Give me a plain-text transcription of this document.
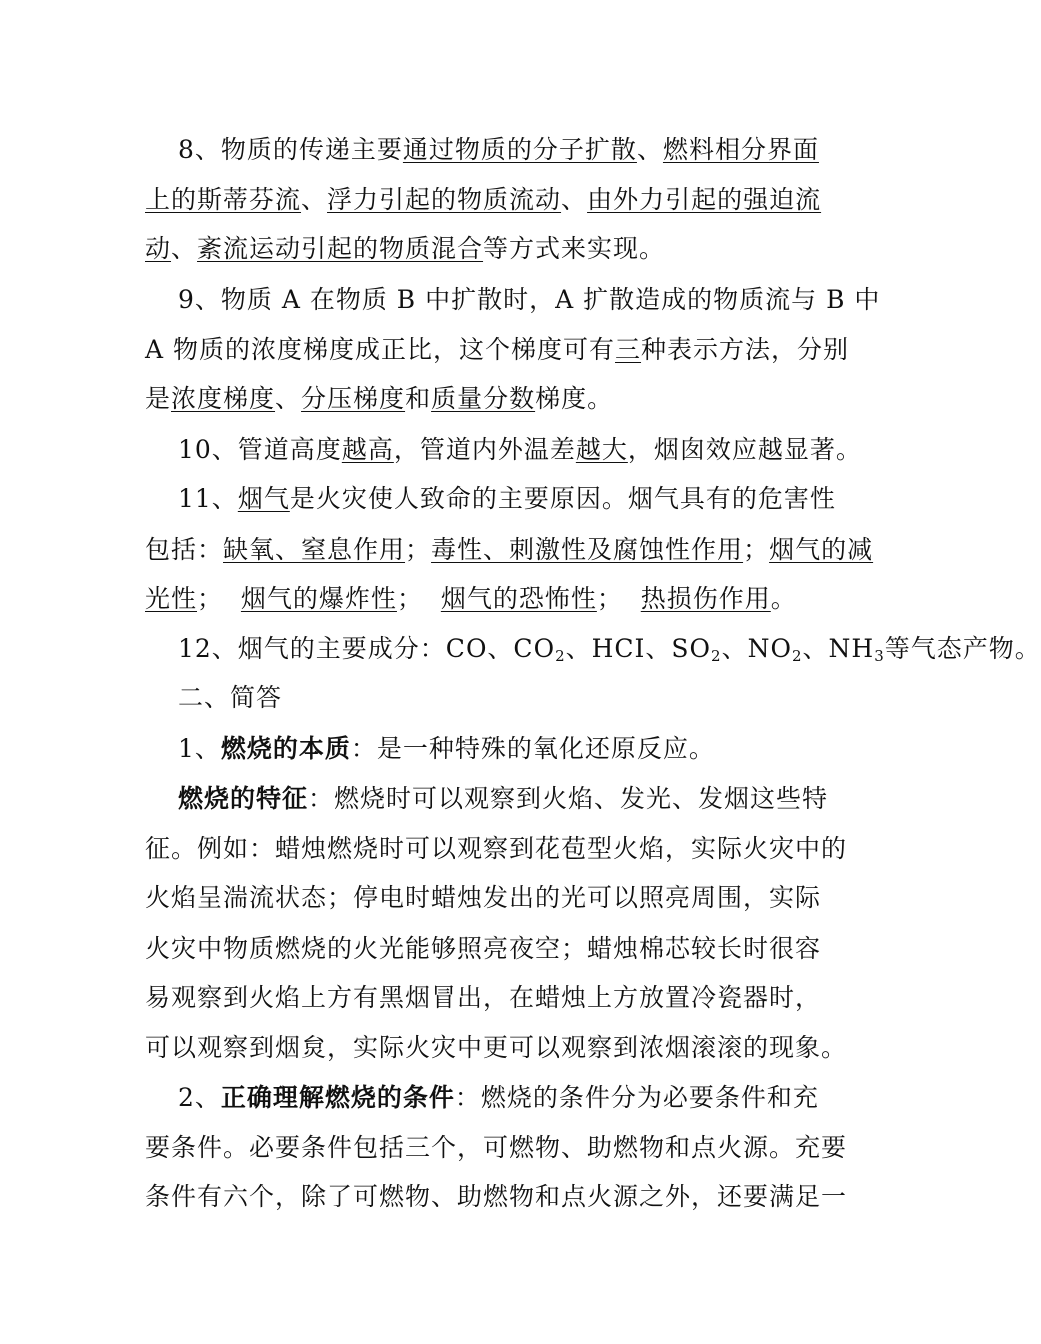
8、物质的传递主要通过物质的分子扩散、燃料相分界面
上的斯蒂芬流、浮力引起的物质流动、由外力引起的强迫流
动、紊流运动引起的物质混合等方式来实现。
9、物质 A 在物质 B 中扩散时，A 扩散造成的物质流与 B 中
A 物质的浓度梯度成正比，这个梯度可有三种表示方法，分别
是浓度梯度、分压梯度和质量分数梯度。
10、管道高度越高，管道内外温差越大，烟囱效应越显著。
11、烟气是火灾使人致命的主要原因。烟气具有的危害性
包括：缺氧、窒息作用；毒性、刺激性及腐蚀性作用；烟气的减
光性；  烟气的爆炸性；  烟气的恐怖性；  热损伤作用。
12、烟气的主要成分：CO、$CO_2$、HCI、$SO_2$、$NO_2$、$NH_3$等气态产物。
二、简答
1、燃烧的本质：是一种特殊的氧化还原反应。
燃烧的特征：燃烧时可以观察到火焰、发光、发烟这些特
征。例如：蜡烛燃烧时可以观察到花苞型火焰，实际火灾中的
火焰呈湍流状态；停电时蜡烛发出的光可以照亮周围，实际
火灾中物质燃烧的火光能够照亮夜空；蜡烛棉芯较长时很容
易观察到火焰上方有黑烟冒出，在蜡烛上方放置冷瓷器时，
可以观察到烟炱，实际火灾中更可以观察到浓烟滚滚的现象。
2、正确理解燃烧的条件：燃烧的条件分为必要条件和充
要条件。必要条件包括三个，可燃物、助燃物和点火源。充要
条件有六个，除了可燃物、助燃物和点火源之外，还要满足一
